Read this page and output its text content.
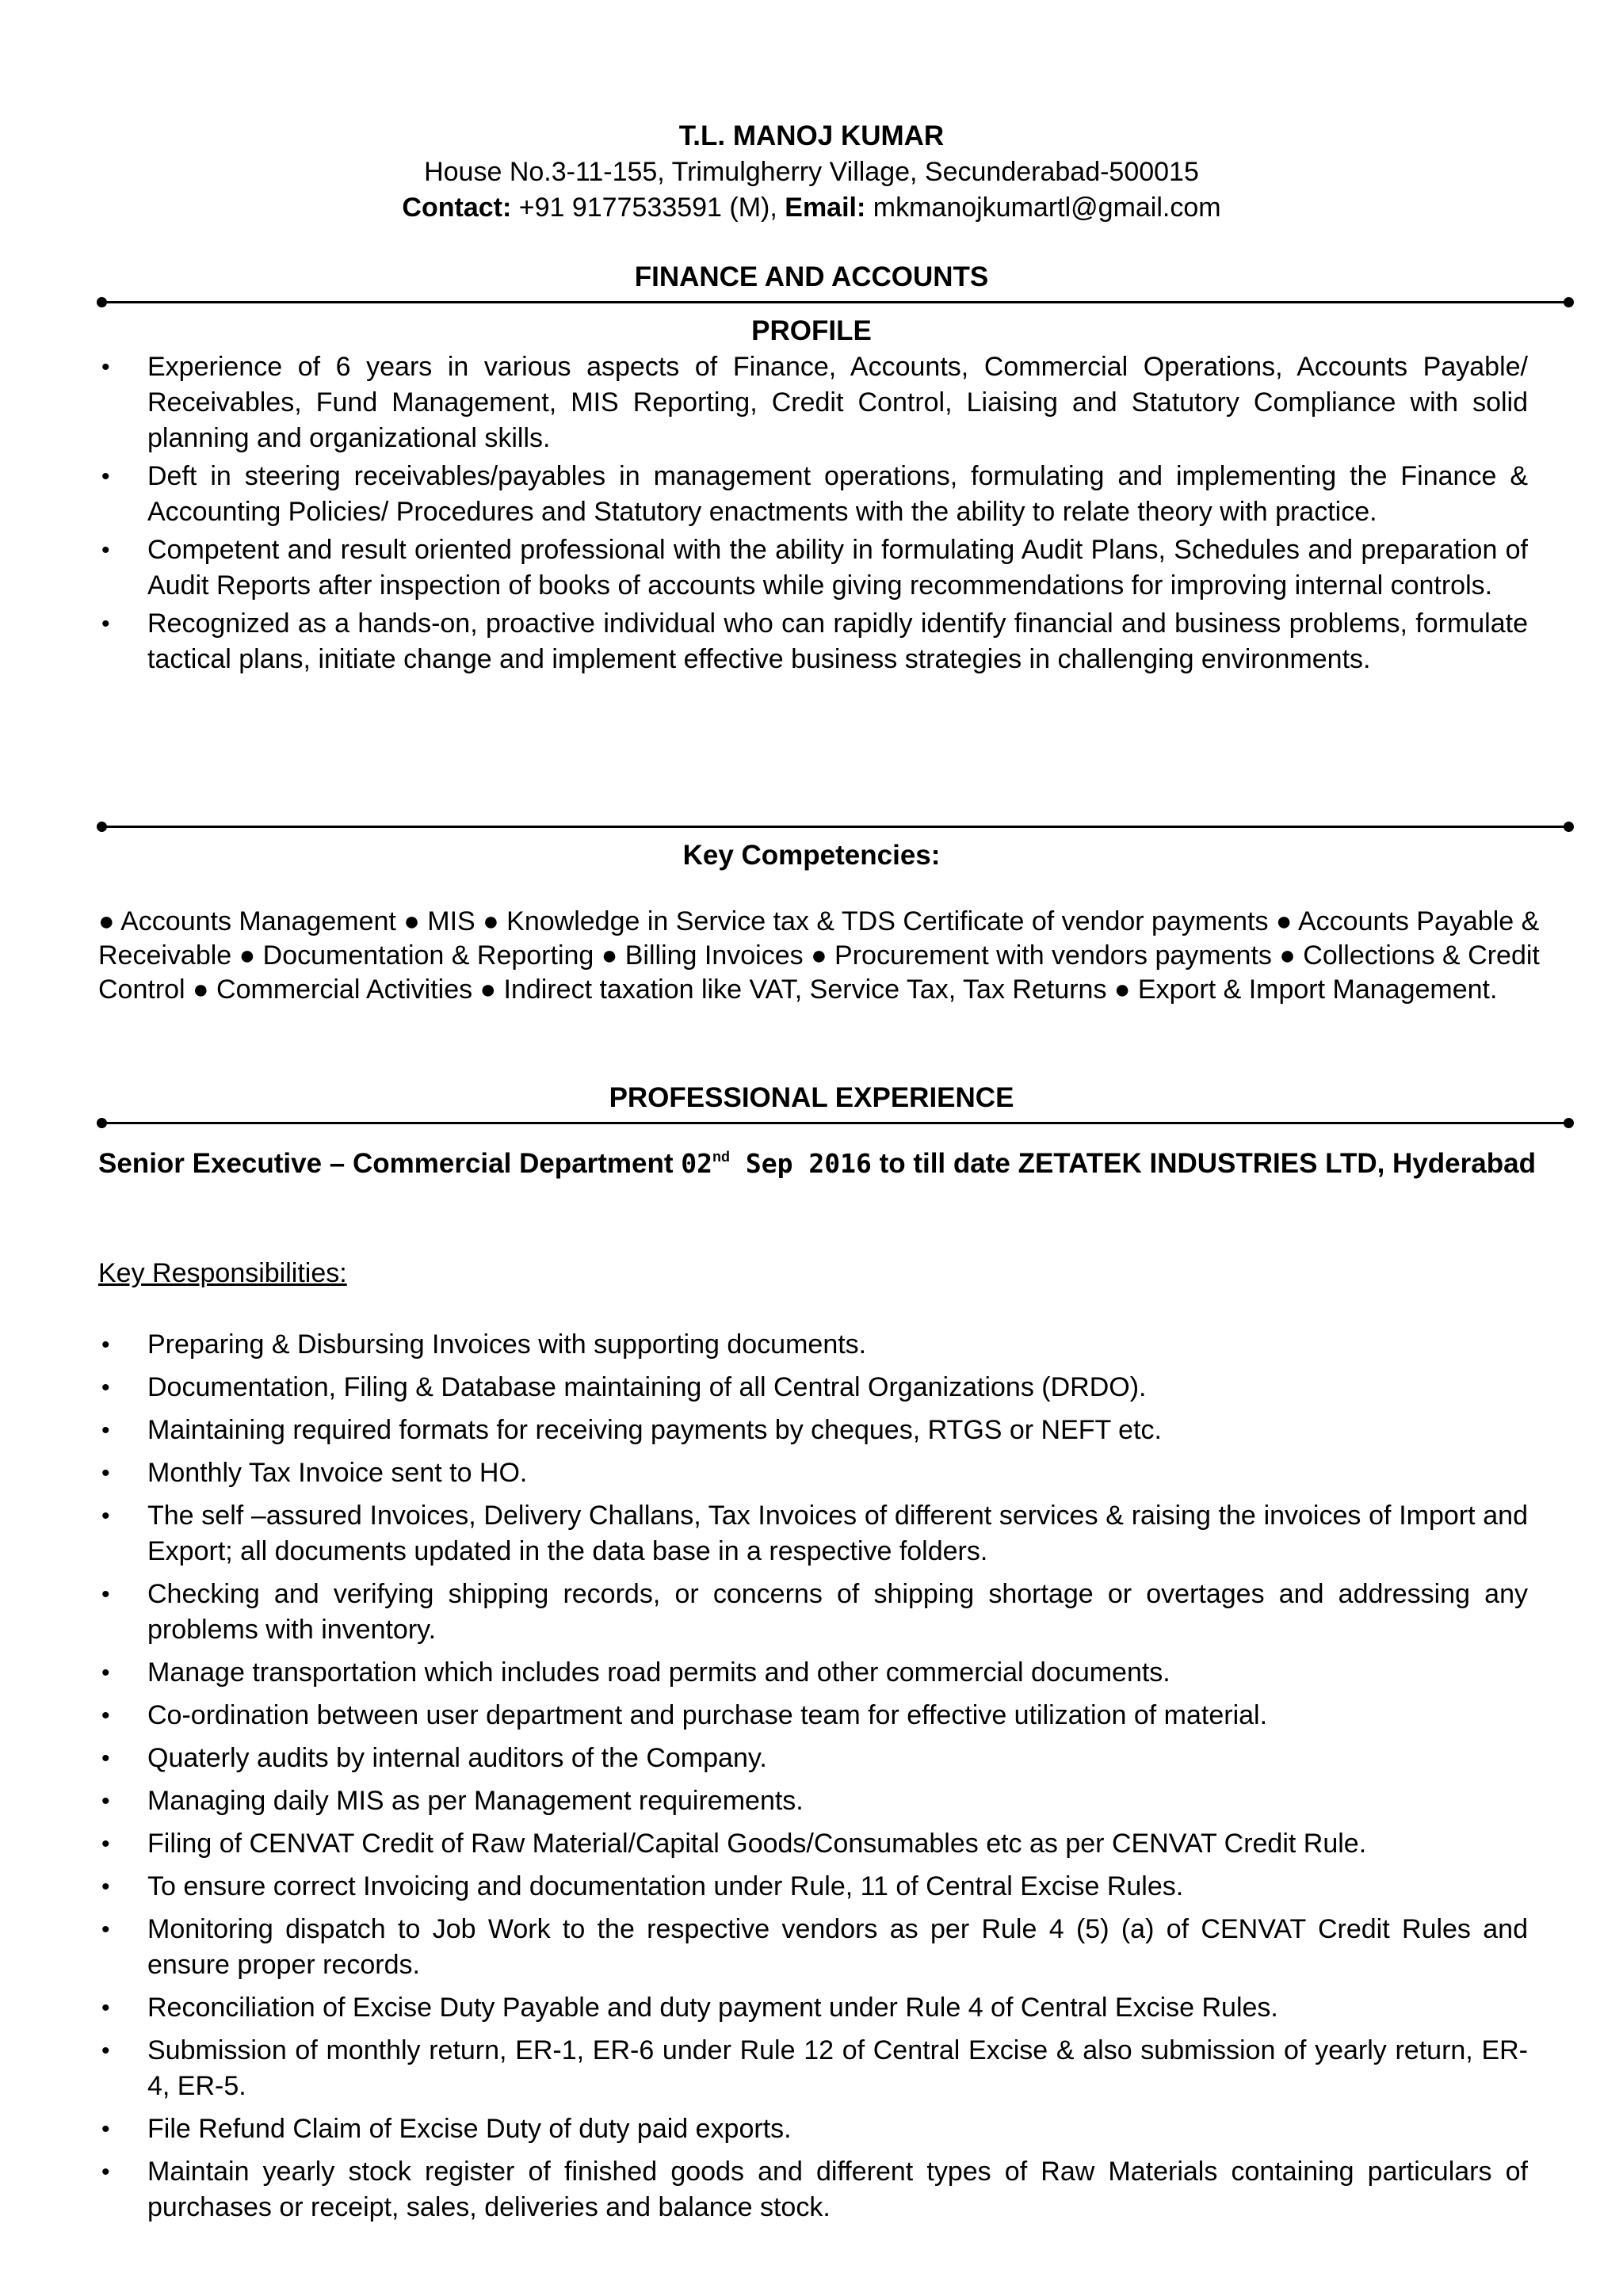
T.L. MANOJ KUMAR
House No.3-11-155, Trimulgherry Village, Secunderabad-500015
Contact: +91 9177533591 (M), Email: mkmanojkumartl@gmail.com
FINANCE AND ACCOUNTS
PROFILE
• Experience of 6 years in various aspects of Finance, Accounts, Commercial Operations, Accounts Payable/ Receivables, Fund Management, MIS Reporting, Credit Control, Liaising and Statutory Compliance with solid planning and organizational skills.
• Deft in steering receivables/payables in management operations, formulating and implementing the Finance & Accounting Policies/ Procedures and Statutory enactments with the ability to relate theory with practice.
• Competent and result oriented professional with the ability in formulating Audit Plans, Schedules and preparation of Audit Reports after inspection of books of accounts while giving recommendations for improving internal controls.
• Recognized as a hands-on, proactive individual who can rapidly identify financial and business problems, formulate tactical plans, initiate change and implement effective business strategies in challenging environments.
Key Competencies:
● Accounts Management ● MIS ● Knowledge in Service tax & TDS Certificate of vendor payments ● Accounts Payable & Receivable ● Documentation & Reporting ● Billing Invoices ● Procurement with vendors payments ● Collections & Credit Control ● Commercial Activities ● Indirect taxation like VAT, Service Tax, Tax Returns ● Export & Import Management.
PROFESSIONAL EXPERIENCE
Senior Executive – Commercial Department 02nd Sep 2016 to till date ZETATEK INDUSTRIES LTD, Hyderabad
Key Responsibilities:
• Preparing & Disbursing Invoices with supporting documents.
• Documentation, Filing & Database maintaining of all Central Organizations (DRDO).
• Maintaining required formats for receiving payments by cheques, RTGS or NEFT etc.
• Monthly Tax Invoice sent to HO.
• The self –assured Invoices, Delivery Challans, Tax Invoices of different services & raising the invoices of Import and Export; all documents updated in the data base in a respective folders.
• Checking and verifying shipping records, or concerns of shipping shortage or overtages and addressing any problems with inventory.
• Manage transportation which includes road permits and other commercial documents.
• Co-ordination between user department and purchase team for effective utilization of material.
• Quaterly audits by internal auditors of the Company.
• Managing daily MIS as per Management requirements.
• Filing of CENVAT Credit of Raw Material/Capital Goods/Consumables etc as per CENVAT Credit Rule.
• To ensure correct Invoicing and documentation under Rule, 11 of Central Excise Rules.
• Monitoring dispatch to Job Work to the respective vendors as per Rule 4 (5) (a) of CENVAT Credit Rules and ensure proper records.
• Reconciliation of Excise Duty Payable and duty payment under Rule 4 of Central Excise Rules.
• Submission of monthly return, ER-1, ER-6 under Rule 12 of Central Excise & also submission of yearly return, ER-4, ER-5.
• File Refund Claim of Excise Duty of duty paid exports.
• Maintain yearly stock register of finished goods and different types of Raw Materials containing particulars of purchases or receipt, sales, deliveries and balance stock.
